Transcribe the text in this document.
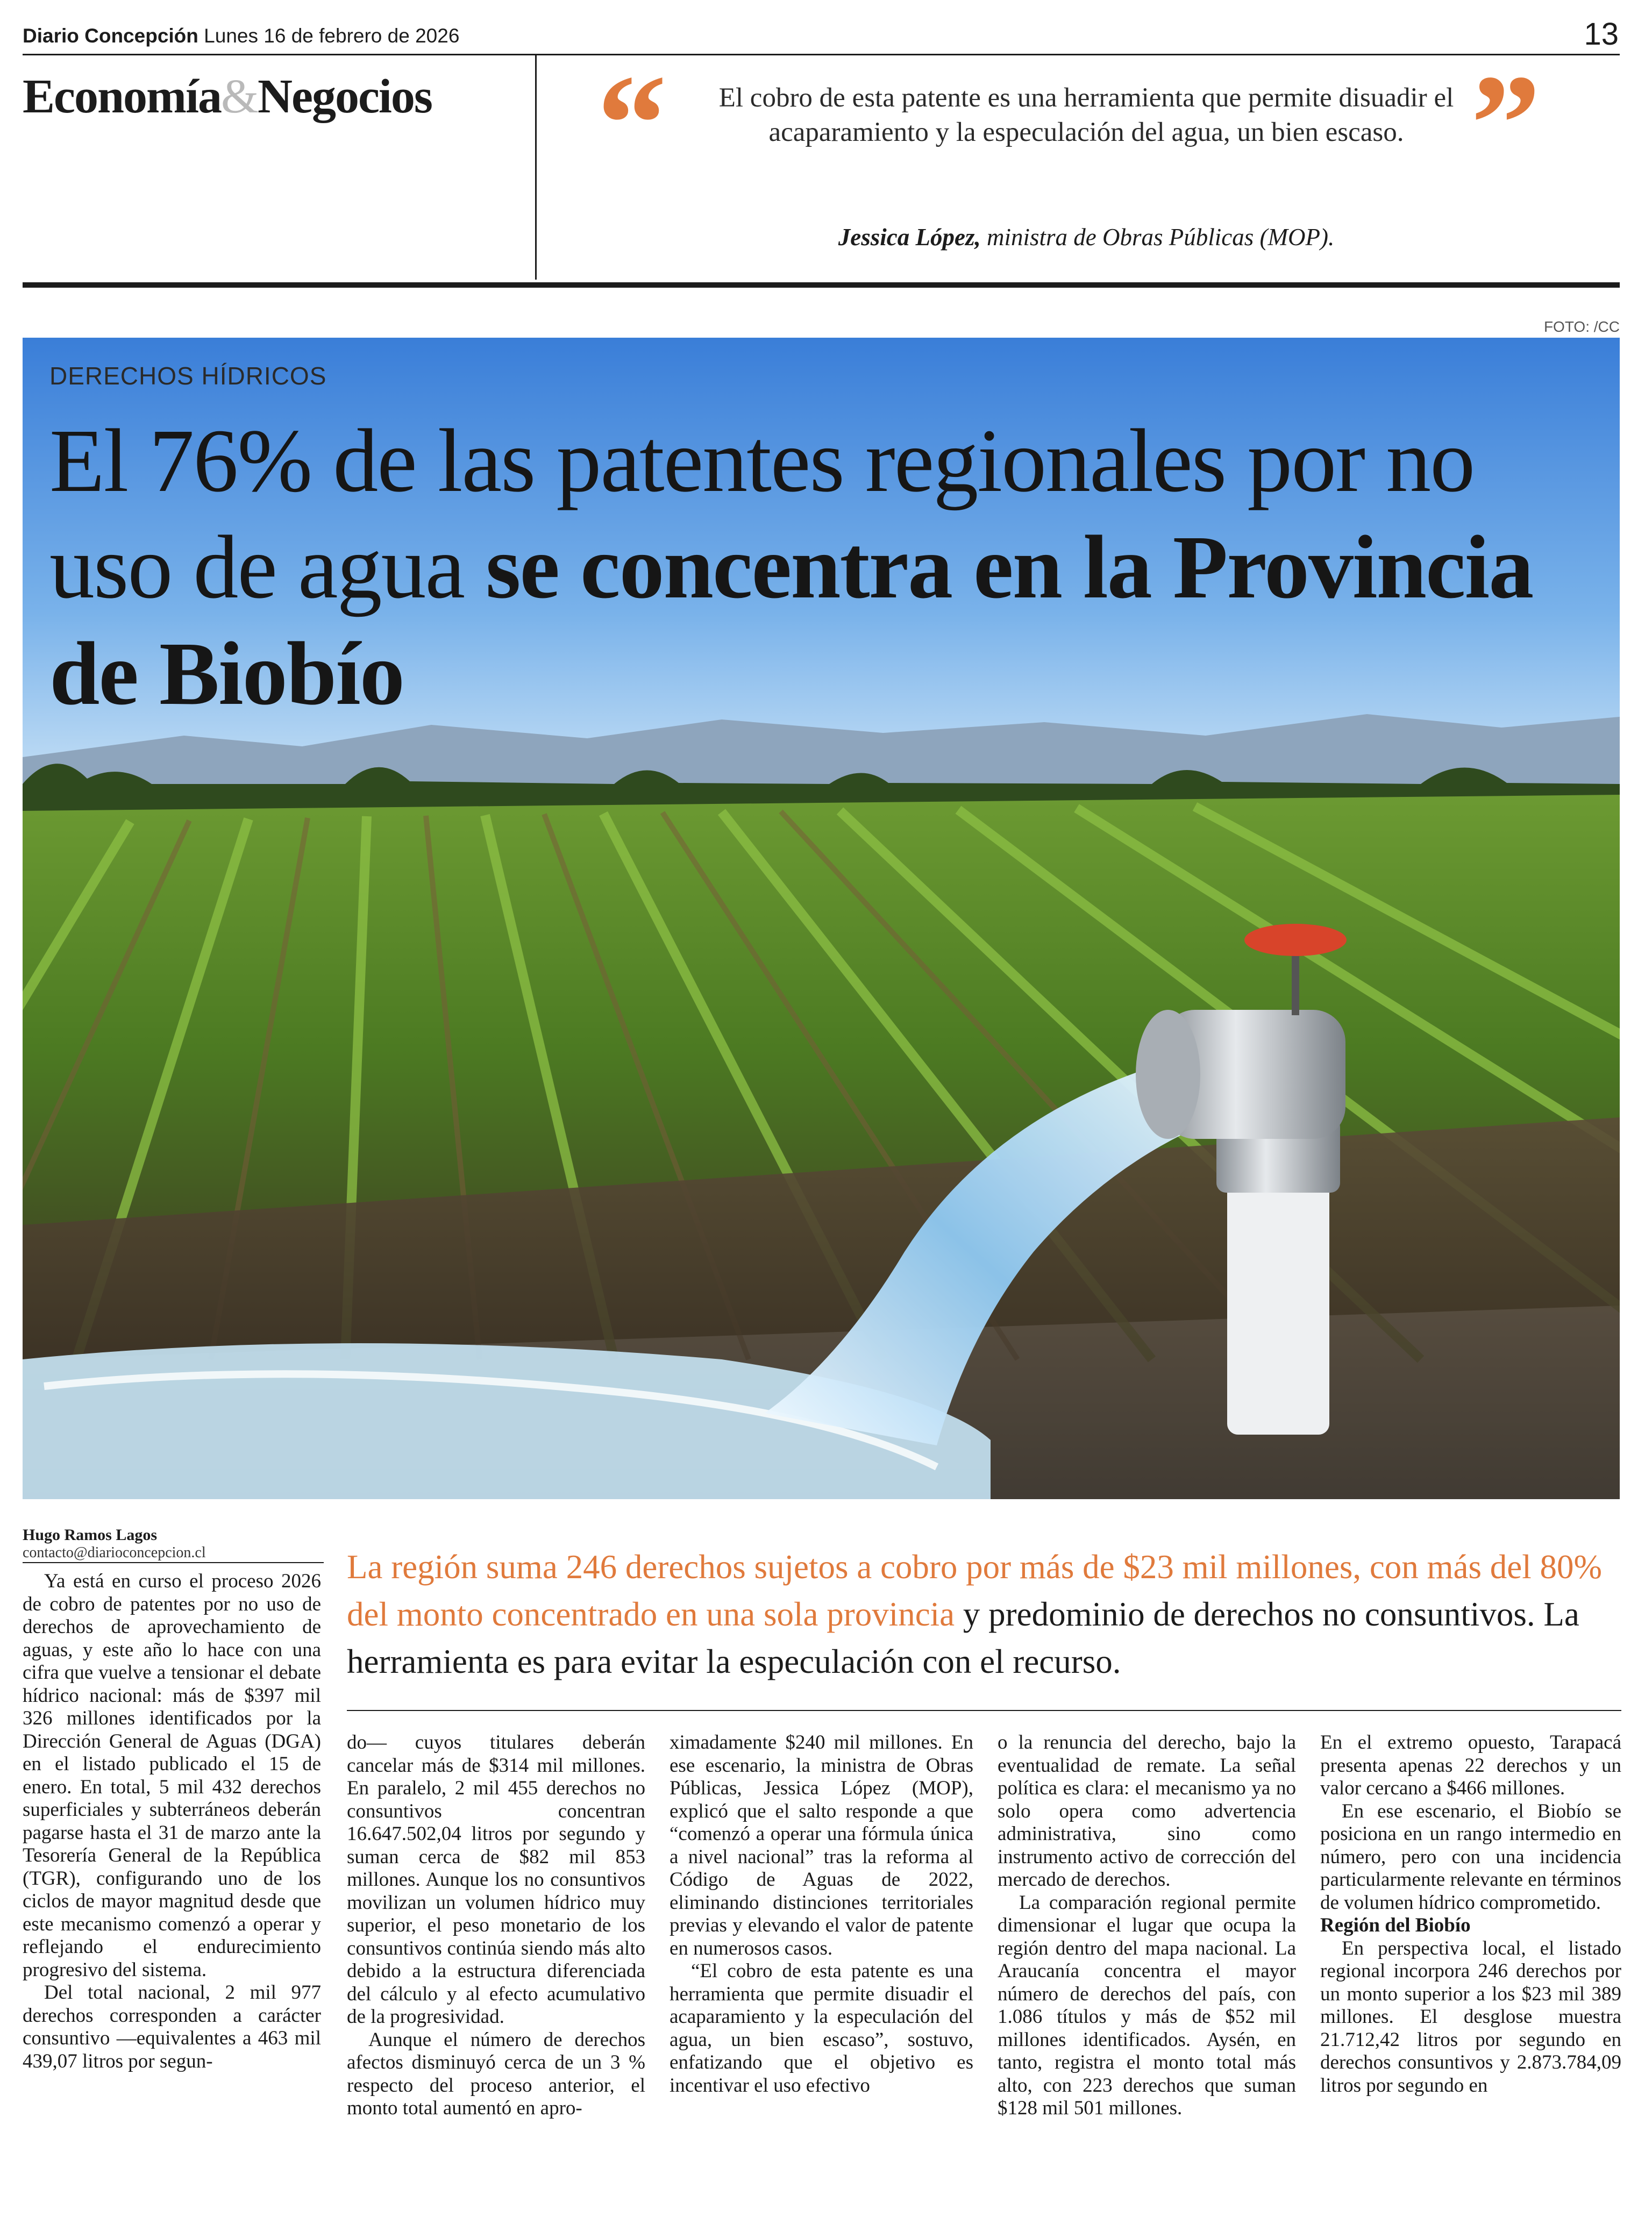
Diario Concepción Lunes 16 de febrero de 2026	13
Economía&Negocios “	El cobro de esta patente es una herramienta que permite disuadir el acaparamiento y la especulación del agua, un bien escaso. ”
Jessica López, ministra de Obras Públicas (MOP).
FOTO: /CC
DERECHOS HÍDRICOS
El 76% de las patentes regionales por no uso de agua se concentra en la Provincia de Biobío
Hugo Ramos Lagos
contacto@diarioconcepcion.cl	La región suma 246 derechos sujetos a cobro por más de $23 mil millones, con más del 80% del monto concentrado en una sola provincia y predominio de derechos no consuntivos. La herramienta es para evitar la especulación con el recurso.

Ya está en curso el proceso 2026 de cobro de patentes por no uso de derechos de aprovechamiento de aguas, y este año lo hace con una cifra que vuelve a tensionar el debate hídrico nacional: más de $397 mil 326 millones identificados por la Dirección General de Aguas (DGA) en el listado publicado el 15 de enero. En total, 5 mil 432 derechos superficiales y subterráneos deberán pagarse hasta el 31 de marzo ante la Tesorería General de la República (TGR), configurando uno de los ciclos de mayor magnitud desde que este mecanismo comenzó a operar y reflejando el endurecimiento progresivo del sistema.

Del total nacional, 2 mil 977 derechos corresponden a carácter consuntivo —equivalentes a 463 mil 439,07 litros por segun-

do— cuyos titulares deberán cancelar más de $314 mil millones. En paralelo, 2 mil 455 derechos no consuntivos concentran 16.647.502,04 litros por segundo y suman cerca de $82 mil 853 millones. Aunque los no consuntivos movilizan un volumen hídrico muy superior, el peso monetario de los consuntivos continúa siendo más alto debido a la estructura diferenciada del cálculo y al efecto acumulativo de la progresividad.

Aunque el número de derechos afectos disminuyó cerca de un 3 % respecto del proceso anterior, el monto total aumentó en apro-

ximadamente $240 mil millones. En ese escenario, la ministra de Obras Públicas, Jessica López (MOP), explicó que el salto responde a que “comenzó a operar una fórmula única a nivel nacional” tras la reforma al Código de Aguas de 2022, eliminando distinciones territoriales previas y elevando el valor de patente en numerosos casos.

“El cobro de esta patente es una herramienta que permite disuadir el acaparamiento y la especulación del agua, un bien escaso”, sostuvo, enfatizando que el objetivo es incentivar el uso efectivo

o la renuncia del derecho, bajo la eventualidad de remate. La señal política es clara: el mecanismo ya no solo opera como advertencia administrativa, sino como instrumento activo de corrección del mercado de derechos.

La comparación regional permite dimensionar el lugar que ocupa la región dentro del mapa nacional. La Araucanía concentra el mayor número de derechos del país, con 1.086 títulos y más de $52 mil millones identificados. Aysén, en tanto, registra el monto total más alto, con 223 derechos que suman $128 mil 501 millones.

En el extremo opuesto, Tarapacá presenta apenas 22 derechos y un valor cercano a $466 millones.

En ese escenario, el Biobío se posiciona en un rango intermedio en número, pero con una incidencia particularmente relevante en términos de volumen hídrico comprometido.

Región del Biobío

En perspectiva local, el listado regional incorpora 246 derechos por un monto superior a los $23 mil 389 millones. El desglose muestra 21.712,42 litros por segundo en derechos consuntivos y 2.873.784,09 litros por segundo en
